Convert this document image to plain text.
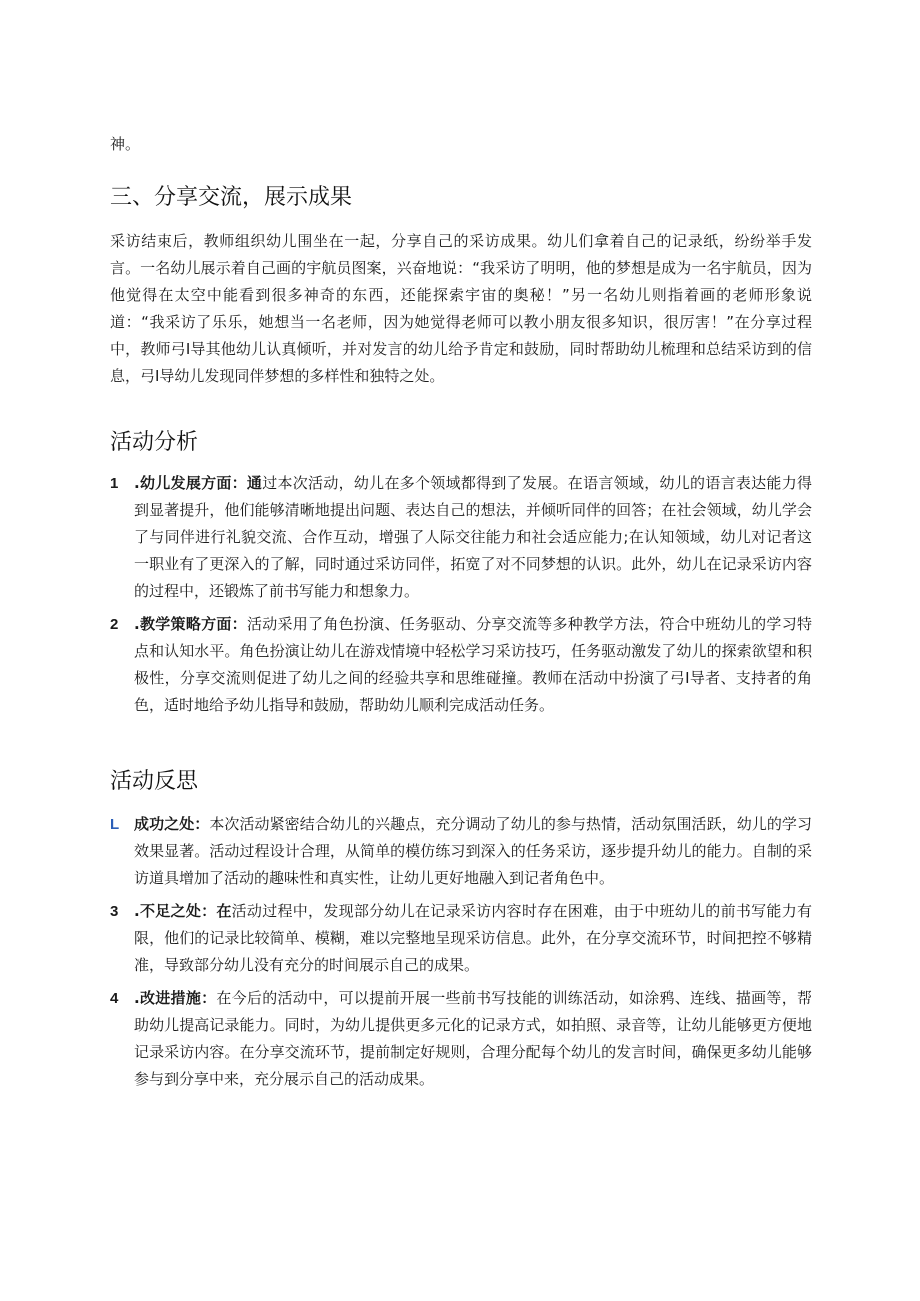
神。

三、分享交流，展示成果

采访结束后，教师组织幼儿围坐在一起，分享自己的采访成果。幼儿们拿着自己的记录纸，纷纷举手发言。一名幼儿展示着自己画的宇航员图案，兴奋地说：“我采访了明明，他的梦想是成为一名宇航员，因为他觉得在太空中能看到很多神奇的东西，还能探索宇宙的奥秘！”另一名幼儿则指着画的老师形象说道：“我采访了乐乐，她想当一名老师，因为她觉得老师可以教小朋友很多知识，很厉害！”在分享过程中，教师弓I导其他幼儿认真倾听，并对发言的幼儿给予肯定和鼓励，同时帮助幼儿梳理和总结采访到的信息，弓I导幼儿发现同伴梦想的多样性和独特之处。

活动分析
1 .幼儿发展方面：通过本次活动，幼儿在多个领域都得到了发展。在语言领域，幼儿的语言表达能力得到显著提升，他们能够清晰地提出问题、表达自己的想法，并倾听同伴的回答；在社会领域，幼儿学会了与同伴进行礼貌交流、合作互动，增强了人际交往能力和社会适应能力;在认知领域，幼儿对记者这一职业有了更深入的了解，同时通过采访同伴，拓宽了对不同梦想的认识。此外，幼儿在记录采访内容的过程中，还锻炼了前书写能力和想象力。
2 .教学策略方面：活动采用了角色扮演、任务驱动、分享交流等多种教学方法，符合中班幼儿的学习特点和认知水平。角色扮演让幼儿在游戏情境中轻松学习采访技巧，任务驱动激发了幼儿的探索欲望和积极性，分享交流则促进了幼儿之间的经验共享和思维碰撞。教师在活动中扮演了弓I导者、支持者的角色，适时地给予幼儿指导和鼓励，帮助幼儿顺利完成活动任务。
活动反思
L 成功之处：本次活动紧密结合幼儿的兴趣点，充分调动了幼儿的参与热情，活动氛围活跃，幼儿的学习效果显著。活动过程设计合理，从简单的模仿练习到深入的任务采访，逐步提升幼儿的能力。自制的采访道具增加了活动的趣味性和真实性，让幼儿更好地融入到记者角色中。
3 .不足之处：在活动过程中，发现部分幼儿在记录采访内容时存在困难，由于中班幼儿的前书写能力有限，他们的记录比较简单、模糊，难以完整地呈现采访信息。此外，在分享交流环节，时间把控不够精准，导致部分幼儿没有充分的时间展示自己的成果。
4 .改进措施：在今后的活动中，可以提前开展一些前书写技能的训练活动，如涂鸦、连线、描画等，帮助幼儿提高记录能力。同时，为幼儿提供更多元化的记录方式，如拍照、录音等，让幼儿能够更方便地记录采访内容。在分享交流环节，提前制定好规则，合理分配每个幼儿的发言时间，确保更多幼儿能够参与到分享中来，充分展示自己的活动成果。
